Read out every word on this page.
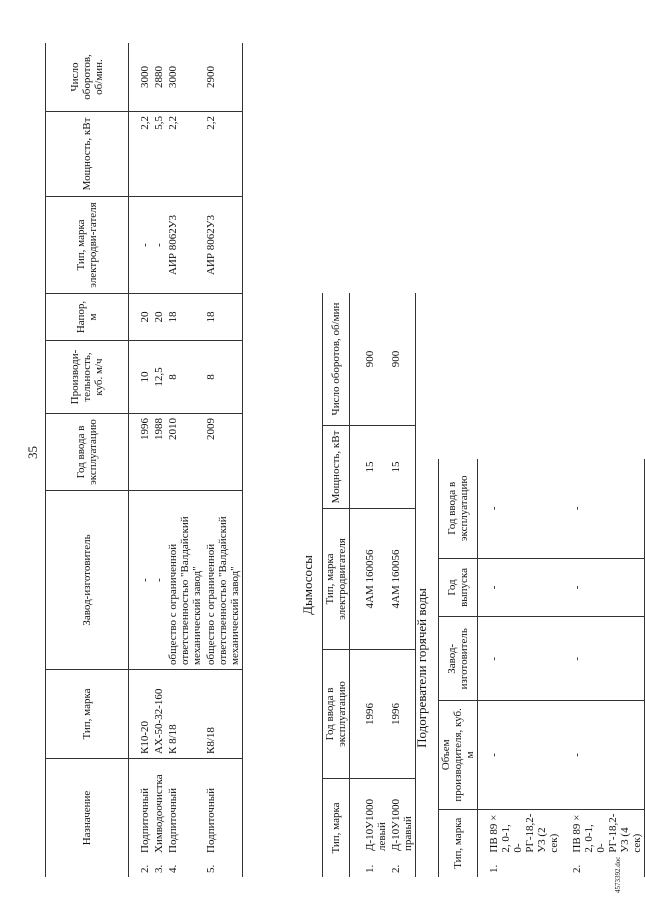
35
Назначение		Тип, марка	Завод-изготовитель	Год ввода в эксплуатацию	Производи-тельность, куб. м/ч	Напор, м	Тип, марка электродви-гателя	Мощность, кВт	Число оборотов, об/мин.
2.	Подпиточный	К10-20	-	1996	10	20	-	2,2	3000
3.	Химводоочистка	АХ-50-32-160	-	1988	12,5	20	-	5,5	2880
4.	Подпиточный	К 8/18	общество с ограниченной ответственностью "Валдайский механический завод"	2010	8	18	АИР 8062У3	2,2	3000
5.	Подпиточный	К8/18	общество с ограниченной ответственностью "Валдайский механический завод"	2009	8	18	АИР 8062У3	2,2	2900
Дымососы
Тип, марка		Год ввода в эксплуатацию	Тип, марка электродвигателя	Мощность, кВт	Число оборотов, об/мин
1.	Д-10У1000 левый	1996	4АМ 160056	15	900
2.	Д-10У1000 правый	1996	4АМ 160056	15	900
Подогреватели горячей воды
Тип, марка		Объем производителя, куб. м	Завод-изготовитель	Год выпуска	Год ввода в эксплуатацию
1.	ПВ 89 × 2, 0-1, 0-РГ-18,2-У3 (2 сек)	-	-	-	-
2.	ПВ 89 × 2, 0-1, 0-РГ-18,2-У3 (4 сек)	-	-	-	-
4573392.doc
